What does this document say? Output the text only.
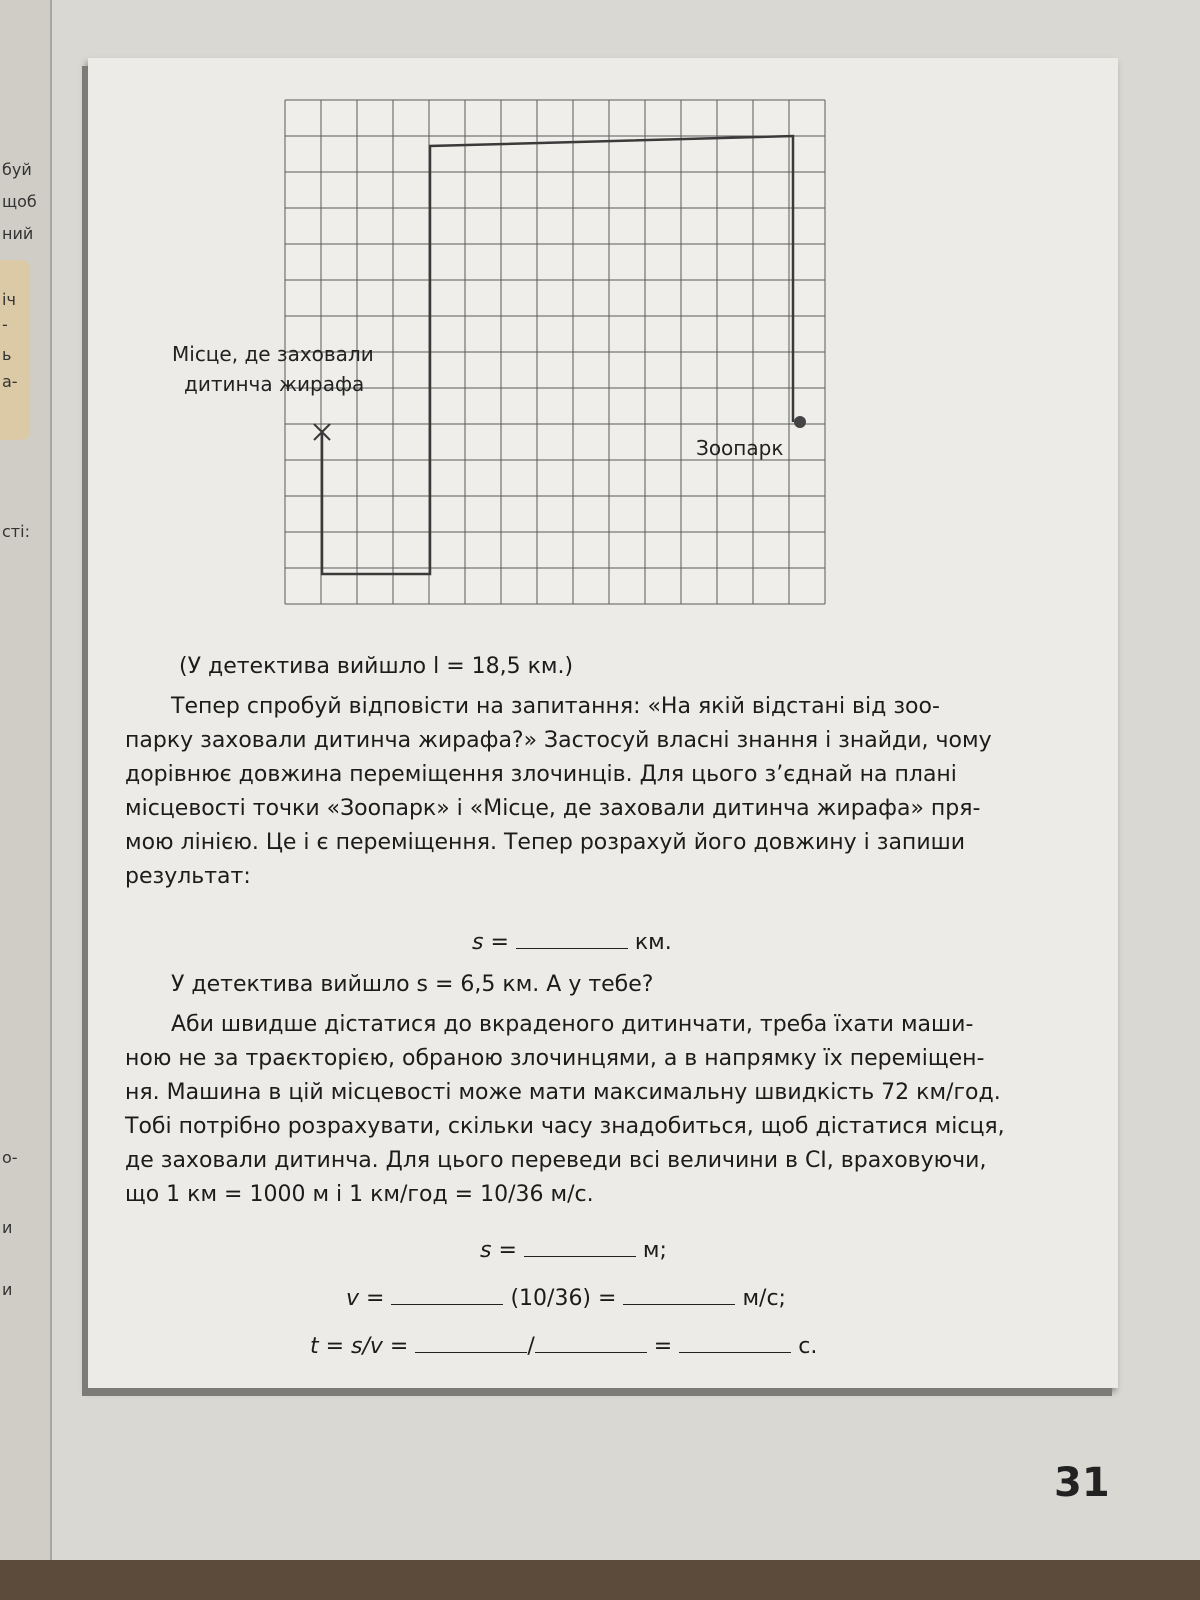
буй
щоб
ний
іч
-
ь
а-
сті:
о-
и
и
Місце, де заховали
дитинча жирафа
Зоопарк
(У детектива вийшло l = 18,5 км.)
Тепер спробуй відповісти на запитання: «На якій відстані від зоо-
парку заховали дитинча жирафа?» Застосуй власні знання і знайди, чому
дорівнює довжина переміщення злочинців. Для цього з’єднай на плані
місцевості точки «Зоопарк» і «Місце, де заховали дитинча жирафа» пря-
мою лінією. Це і є переміщення. Тепер розрахуй його довжину і запиши
результат:
s =	км.
У детектива вийшло s = 6,5 км. А у тебе?
Аби швидше дістатися до вкраденого дитинчати, треба їхати маши-
ною не за траєкторією, обраною злочинцями, а в напрямку їх переміщен-
ня. Машина в цій місцевості може мати максимальну швидкість 72 км/год.
Тобі потрібно розрахувати, скільки часу знадобиться, щоб дістатися місця,
де заховали дитинча. Для цього переведи всі величини в СІ, враховуючи,
що 1 км = 1000 м і 1 км/год = 10/36 м/с.
s =	м;
v =	(10/36) =	м/с;
t = s/v =	/	=	с.
31
